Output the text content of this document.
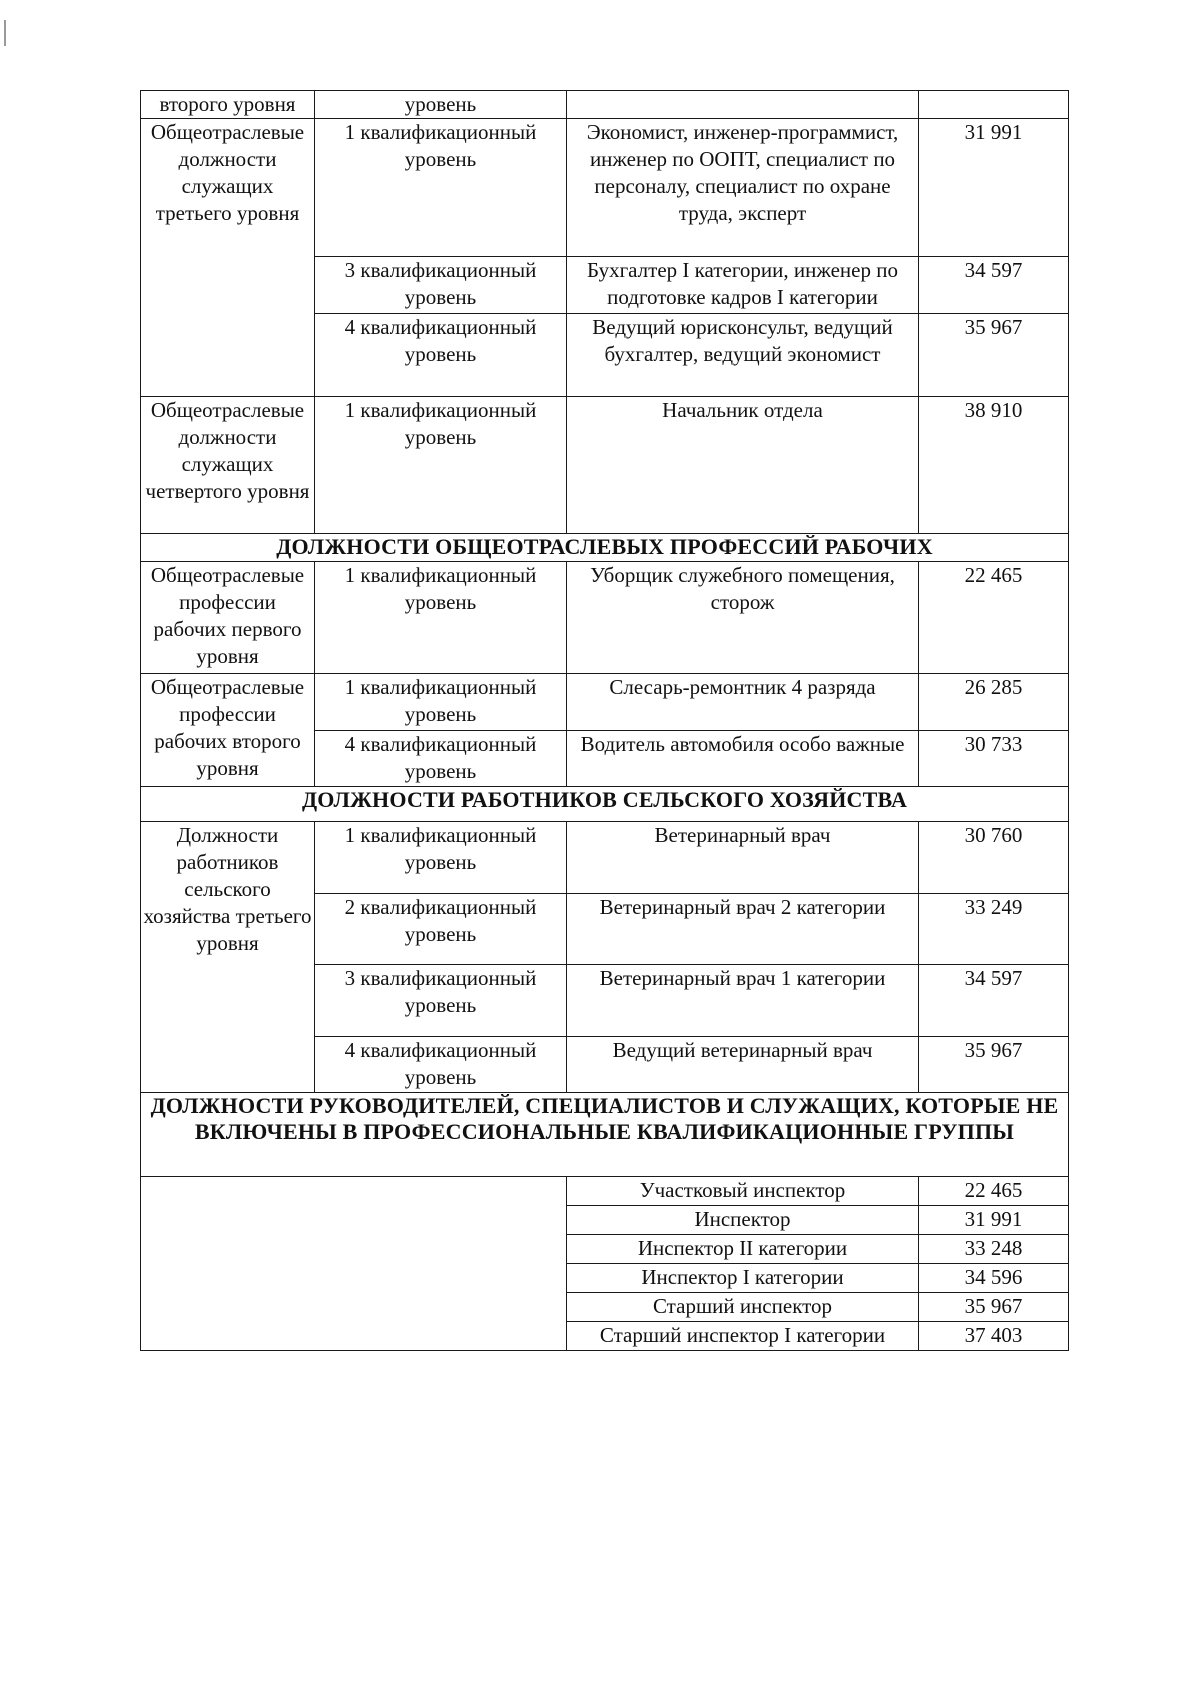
второго уровня	уровень		
Общеотраслевые должности служащих третьего уровня	1 квалификационный уровень	Экономист, инженер-программист, инженер по ООПТ, специалист по персоналу, специалист по охране труда, эксперт	31 991
	3 квалификационный уровень	Бухгалтер I категории, инженер по подготовке кадров I категории	34 597
	4 квалификационный уровень	Ведущий юрисконсульт, ведущий бухгалтер, ведущий экономист	35 967
Общеотраслевые должности служащих четвертого уровня	1 квалификационный уровень	Начальник отдела	38 910
ДОЛЖНОСТИ ОБЩЕОТРАСЛЕВЫХ ПРОФЕССИЙ РАБОЧИХ			
Общеотраслевые профессии рабочих первого уровня	1 квалификационный уровень	Уборщик служебного помещения, сторож	22 465
Общеотраслевые профессии рабочих второго уровня	1 квалификационный уровень	Слесарь-ремонтник 4 разряда	26 285
	4 квалификационный уровень	Водитель автомобиля особо важные	30 733
ДОЛЖНОСТИ РАБОТНИКОВ СЕЛЬСКОГО ХОЗЯЙСТВА			
Должности работников сельского хозяйства третьего уровня	1 квалификационный уровень	Ветеринарный врач	30 760
	2 квалификационный уровень	Ветеринарный врач 2 категории	33 249
	3 квалификационный уровень	Ветеринарный врач 1 категории	34 597
	4 квалификационный уровень	Ведущий ветеринарный врач	35 967
ДОЛЖНОСТИ РУКОВОДИТЕЛЕЙ, СПЕЦИАЛИСТОВ И СЛУЖАЩИХ, КОТОРЫЕ НЕ ВКЛЮЧЕНЫ В ПРОФЕССИОНАЛЬНЫЕ КВАЛИФИКАЦИОННЫЕ ГРУППЫ			
		Участковый инспектор	22 465
		Инспектор	31 991
		Инспектор II категории	33 248
		Инспектор I категории	34 596
		Старший инспектор	35 967
		Старший инспектор I категории	37 403
